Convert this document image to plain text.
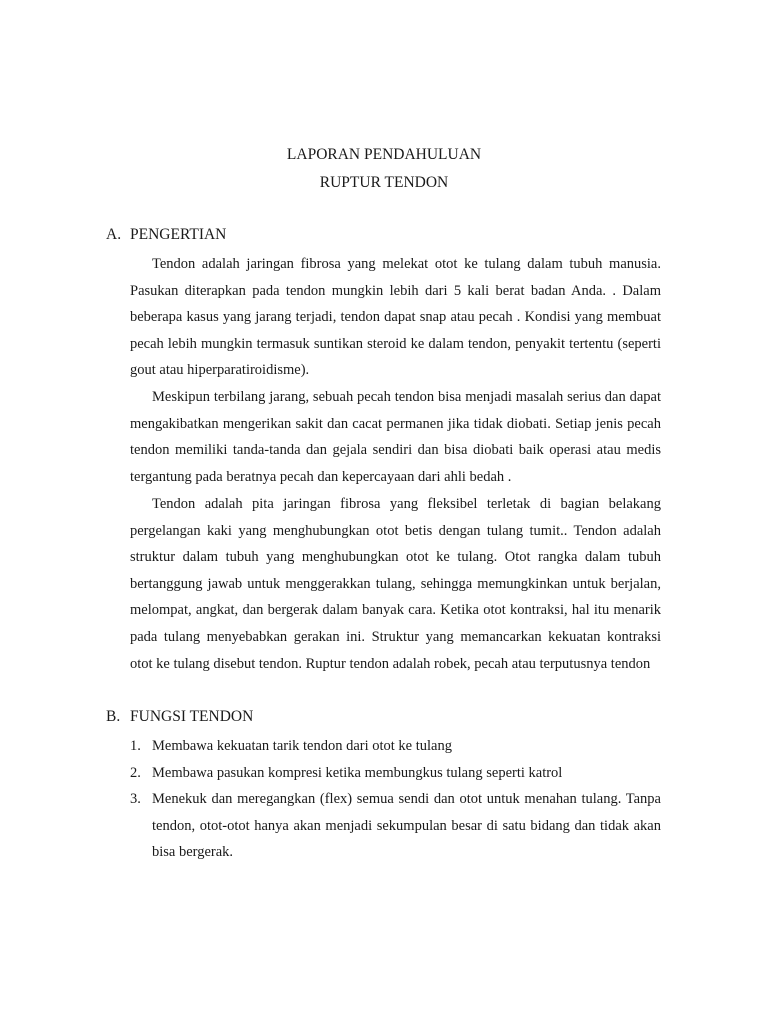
LAPORAN PENDAHULUAN
RUPTUR TENDON
A. PENGERTIAN

Tendon adalah jaringan fibrosa yang melekat otot ke tulang dalam tubuh manusia. Pasukan diterapkan pada tendon mungkin lebih dari 5 kali berat badan Anda. . Dalam beberapa kasus yang jarang terjadi, tendon dapat snap atau pecah . Kondisi yang membuat pecah lebih mungkin termasuk suntikan steroid ke dalam tendon, penyakit tertentu (seperti gout atau hiperparatiroidisme).

Meskipun terbilang jarang, sebuah pecah tendon bisa menjadi masalah serius dan dapat mengakibatkan mengerikan sakit dan cacat permanen jika tidak diobati. Setiap jenis pecah tendon memiliki tanda-tanda dan gejala sendiri dan bisa diobati baik operasi atau medis tergantung pada beratnya pecah dan kepercayaan dari ahli bedah .

Tendon adalah pita jaringan fibrosa yang fleksibel terletak di bagian belakang pergelangan kaki yang menghubungkan otot betis dengan tulang tumit.. Tendon adalah struktur dalam tubuh yang menghubungkan otot ke tulang. Otot rangka dalam tubuh bertanggung jawab untuk menggerakkan tulang, sehingga memungkinkan untuk berjalan, melompat, angkat, dan bergerak dalam banyak cara. Ketika otot kontraksi, hal itu menarik pada tulang menyebabkan gerakan ini. Struktur yang memancarkan kekuatan kontraksi otot ke tulang disebut tendon. Ruptur tendon adalah robek, pecah atau terputusnya tendon

B. FUNGSI TENDON
1. Membawa kekuatan tarik tendon dari otot ke tulang
2. Membawa pasukan kompresi ketika membungkus tulang seperti katrol
3. Menekuk dan meregangkan (flex) semua sendi dan otot untuk menahan tulang. Tanpa tendon, otot-otot hanya akan menjadi sekumpulan besar di satu bidang dan tidak akan bisa bergerak.
